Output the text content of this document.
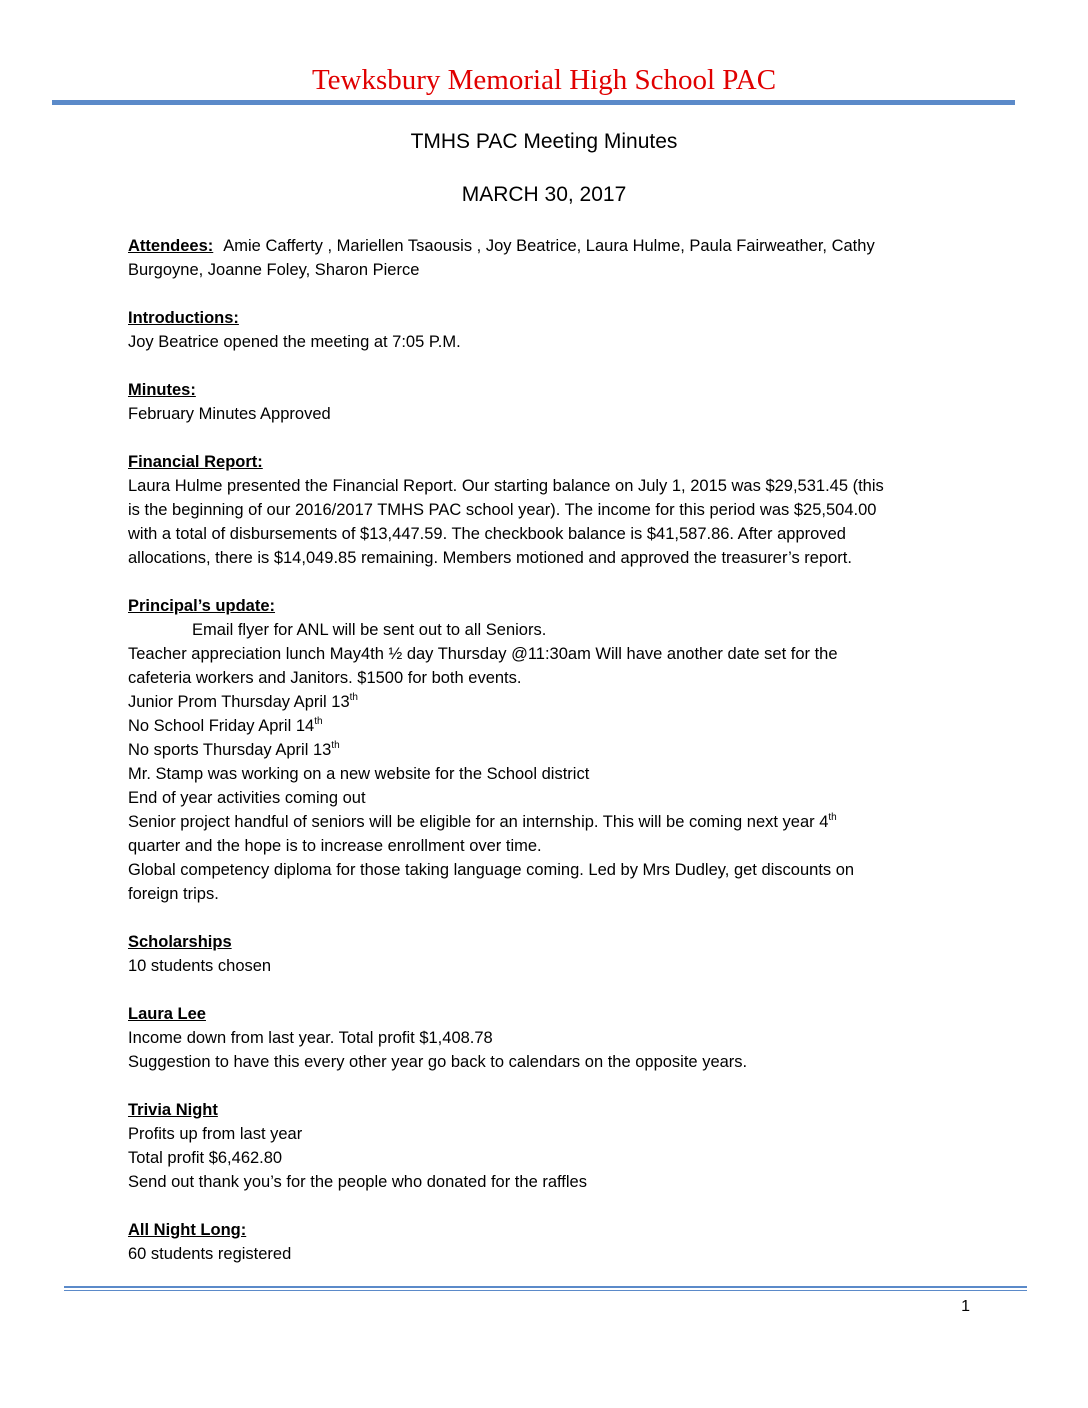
Tewksbury Memorial High School PAC
TMHS PAC Meeting Minutes
MARCH 30, 2017
Attendees: Amie Cafferty , Mariellen Tsaousis , Joy Beatrice, Laura Hulme, Paula Fairweather, Cathy
Burgoyne, Joanne Foley, Sharon Pierce
Introductions:
Joy Beatrice opened the meeting at 7:05 P.M.
Minutes:
February Minutes Approved
Financial Report:
Laura Hulme presented the Financial Report. Our starting balance on July 1, 2015 was $29,531.45 (this
is the beginning of our 2016/2017 TMHS PAC school year). The income for this period was $25,504.00
with a total of disbursements of $13,447.59. The checkbook balance is $41,587.86. After approved
allocations, there is $14,049.85 remaining. Members motioned and approved the treasurer’s report.
Principal’s update:
Email flyer for ANL will be sent out to all Seniors.
Teacher appreciation lunch May4th ½ day Thursday @11:30am Will have another date set for the
cafeteria workers and Janitors. $1500 for both events.
Junior Prom Thursday April 13th
No School Friday April 14th
No sports Thursday April 13th
Mr. Stamp was working on a new website for the School district
End of year activities coming out
Senior project handful of seniors will be eligible for an internship. This will be coming next year 4th
quarter and the hope is to increase enrollment over time.
Global competency diploma for those taking language coming. Led by Mrs Dudley, get discounts on
foreign trips.
Scholarships
10 students chosen
Laura Lee
Income down from last year. Total profit $1,408.78
Suggestion to have this every other year go back to calendars on the opposite years.
Trivia Night
Profits up from last year
Total profit $6,462.80
Send out thank you’s for the people who donated for the raffles
All Night Long:
60 students registered
1
